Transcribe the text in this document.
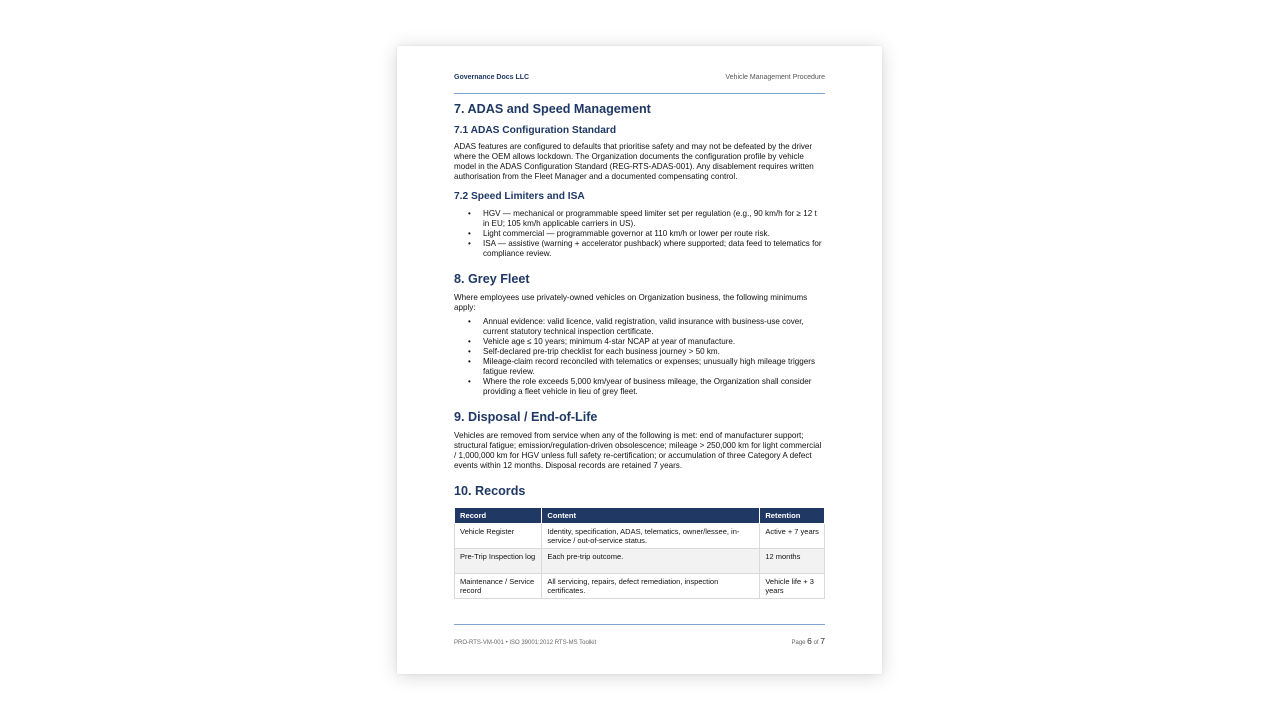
Governance Docs LLC	Vehicle Management Procedure
7. ADAS and Speed Management
7.1 ADAS Configuration Standard

ADAS features are configured to defaults that prioritise safety and may not be defeated by the driver where the OEM allows lockdown. The Organization documents the configuration profile by vehicle model in the ADAS Configuration Standard (REG-RTS-ADAS-001). Any disablement requires written authorisation from the Fleet Manager and a documented compensating control.

7.2 Speed Limiters and ISA
• HGV — mechanical or programmable speed limiter set per regulation (e.g., 90 km/h for ≥ 12 t in EU; 105 km/h applicable carriers in US).
• Light commercial — programmable governor at 110 km/h or lower per route risk.
• ISA — assistive (warning + accelerator pushback) where supported; data feed to telematics for compliance review.
8. Grey Fleet

Where employees use privately-owned vehicles on Organization business, the following minimums apply:

• Annual evidence: valid licence, valid registration, valid insurance with business-use cover, current statutory technical inspection certificate.
• Vehicle age ≤ 10 years; minimum 4-star NCAP at year of manufacture.
• Self-declared pre-trip checklist for each business journey > 50 km.
• Mileage-claim record reconciled with telematics or expenses; unusually high mileage triggers fatigue review.
• Where the role exceeds 5,000 km/year of business mileage, the Organization shall consider providing a fleet vehicle in lieu of grey fleet.
9. Disposal / End-of-Life

Vehicles are removed from service when any of the following is met: end of manufacturer support; structural fatigue; emission/regulation-driven obsolescence; mileage > 250,000 km for light commercial / 1,000,000 km for HGV unless full safety re-certification; or accumulation of three Category A defect events within 12 months. Disposal records are retained 7 years.

10. Records
Record	Content	Retention
Vehicle Register	Identity, specification, ADAS, telematics, owner/lessee, in-service / out-of-service status.	Active + 7 years
Pre-Trip Inspection log	Each pre-trip outcome.	12 months
Maintenance / Service record	All servicing, repairs, defect remediation, inspection certificates.	Vehicle life + 3 years
PRO-RTS-VM-001 • ISO 39001:2012 RTS-MS Toolkit	Page 6 of 7
